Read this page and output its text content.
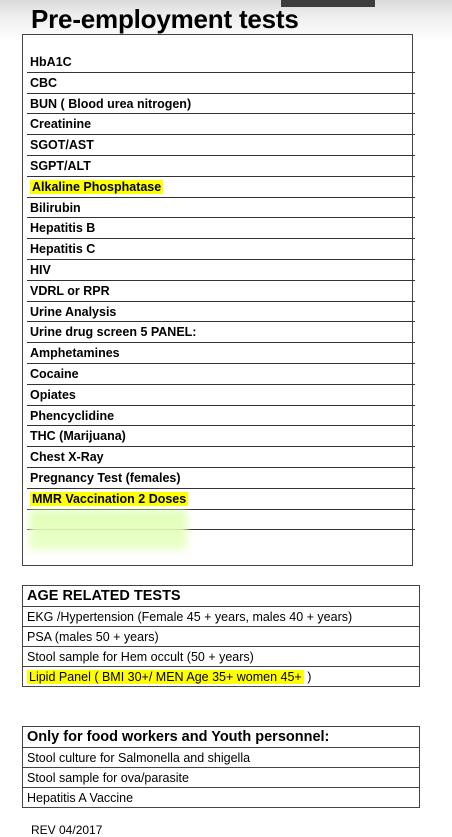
Pre-employment tests
HbA1C
CBC
BUN ( Blood urea nitrogen)
Creatinine
SGOT/AST
SGPT/ALT
Alkaline Phosphatase
Bilirubin
Hepatitis B
Hepatitis C
HIV
VDRL or RPR
Urine Analysis
Urine drug screen 5 PANEL:
Amphetamines
Cocaine
Opiates
Phencyclidine
THC (Marijuana)
Chest X-Ray
Pregnancy Test (females)
MMR Vaccination 2 Doses
AGE RELATED TESTS
EKG /Hypertension (Female 45 + years, males 40 + years)
PSA (males 50 + years)
Stool sample for Hem occult (50 + years)
Lipid Panel ( BMI 30+/ MEN Age 35+ women 45+ )
Only for food workers and Youth personnel:
Stool culture for Salmonella and shigella
Stool sample for ova/parasite
Hepatitis A Vaccine
REV 04/2017
